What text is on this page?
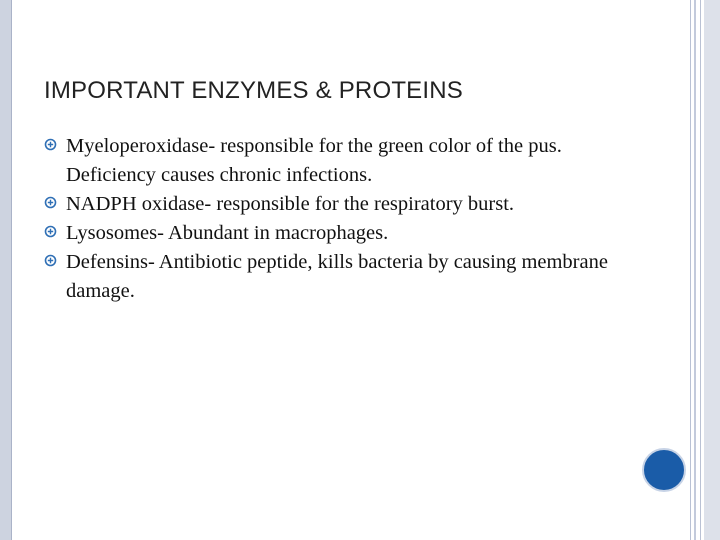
IMPORTANT ENZYMES & PROTEINS
Myeloperoxidase- responsible for the green color of the pus. Deficiency causes chronic infections.
NADPH oxidase- responsible for the respiratory burst.
Lysosomes- Abundant in macrophages.
Defensins- Antibiotic peptide, kills bacteria by causing membrane damage.
